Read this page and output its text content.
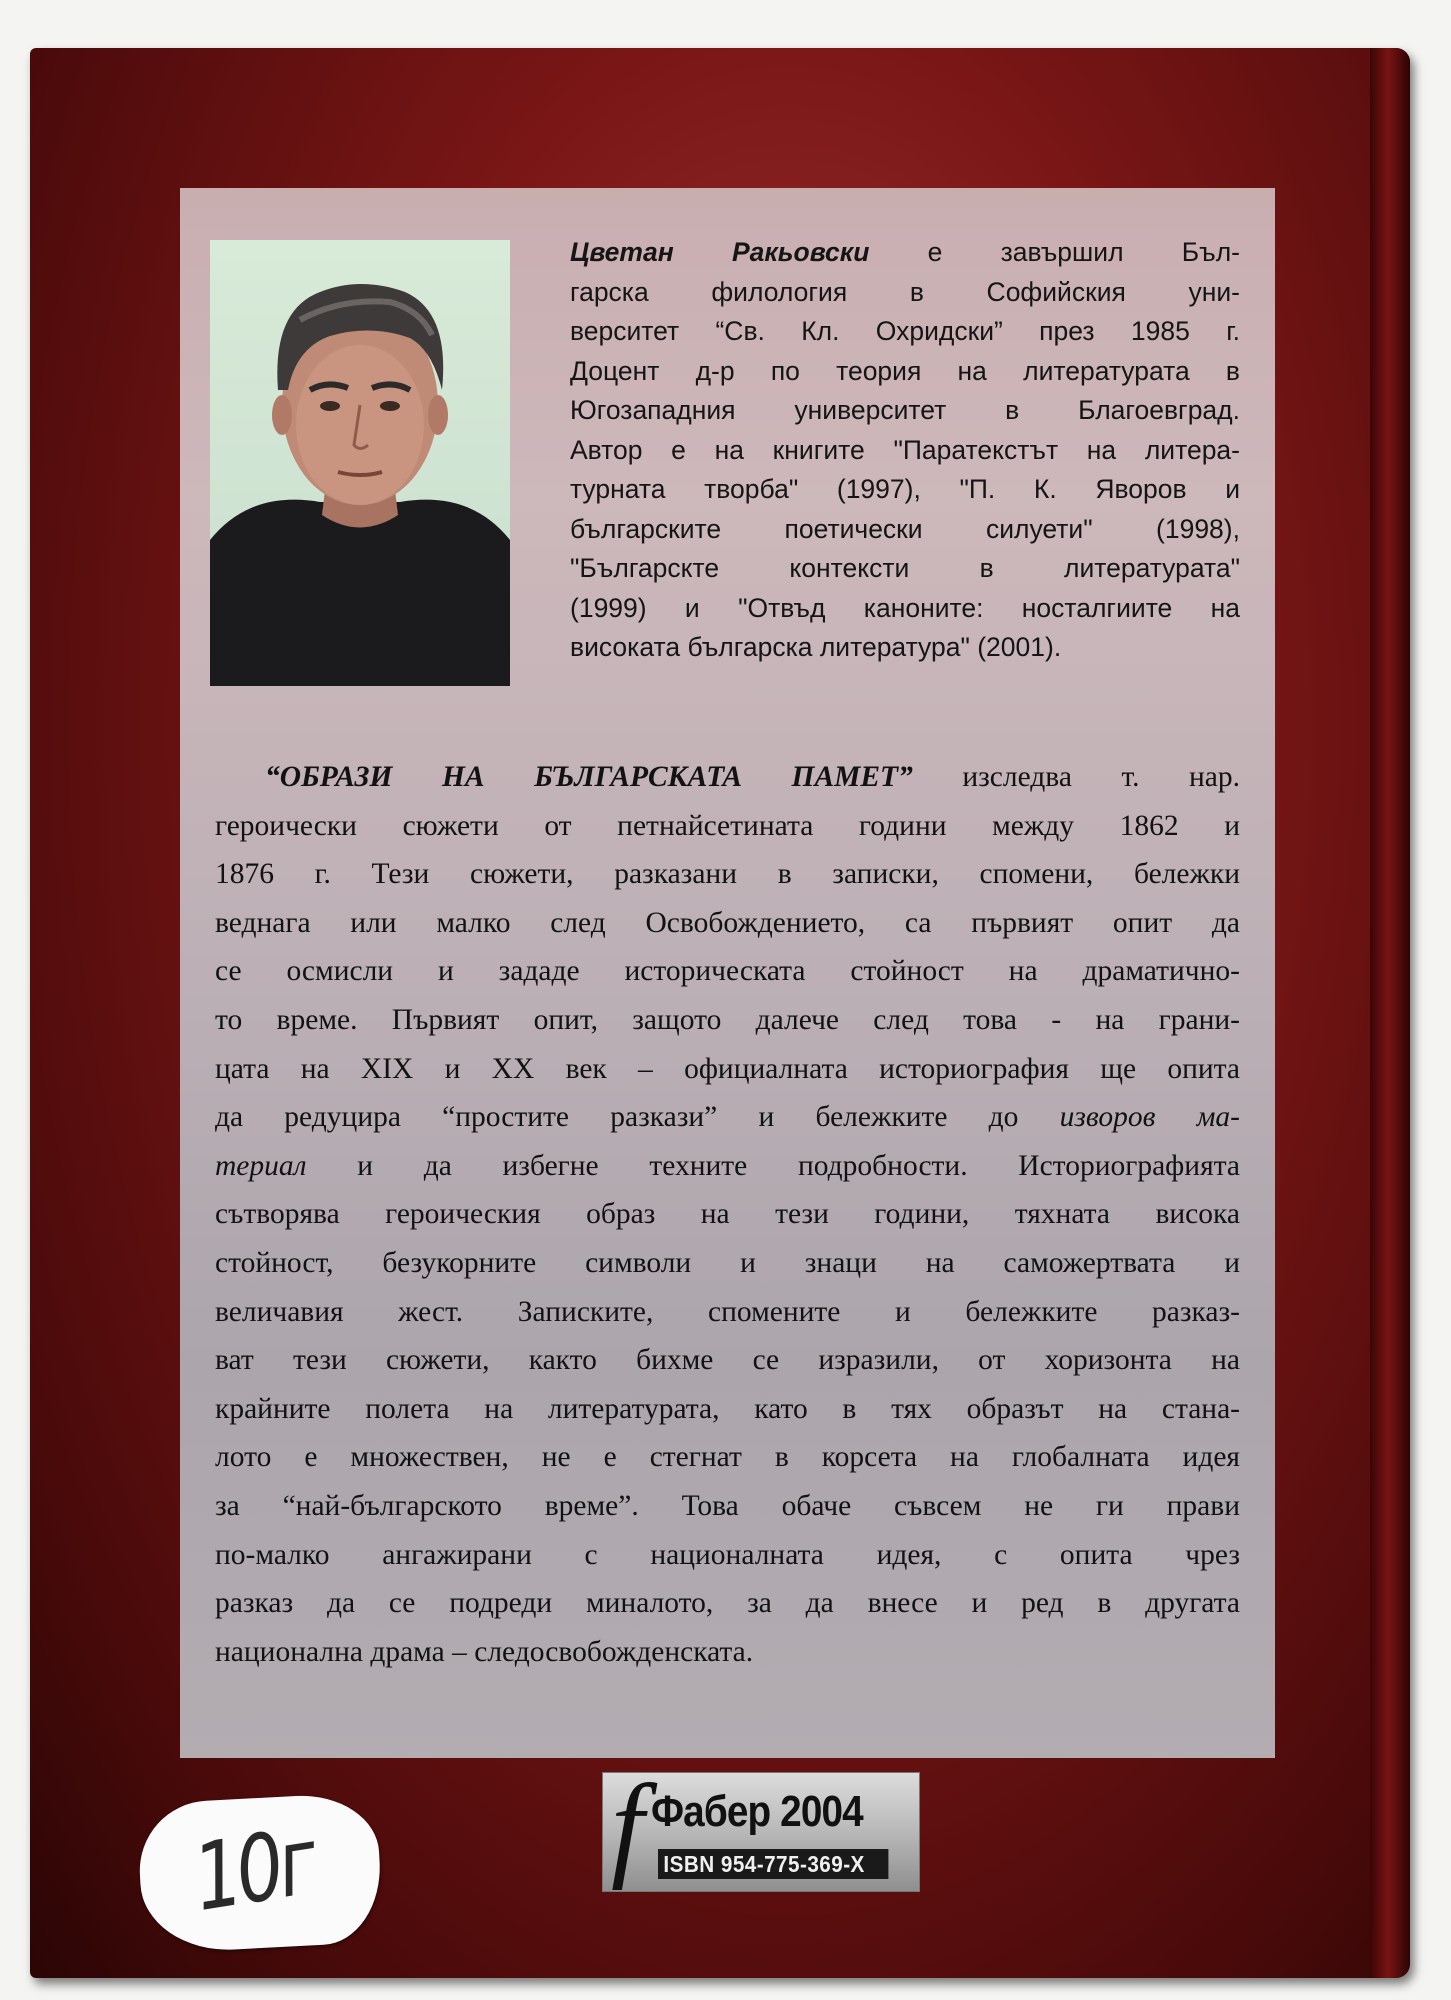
Цветан Ракьовски е завършил Бъл-
гарска филология в Софийския уни-
верситет “Св. Кл. Охридски” през 1985 г.
Доцент д-р по теория на литературата в
Югозападния университет в Благоевград.
Автор е на книгите "Паратекстът на литера-
турната творба" (1997), "П. К. Яворов и
българските поетически силуети" (1998),
"Българскте контексти в литературата"
(1999) и "Отвъд каноните: носталгиите на
високата българска литература" (2001).
“ОБРАЗИ НА БЪЛГАРСКАТА ПАМЕТ” изследва т. нар.
героически сюжети от петнайсетината години между 1862 и
1876 г. Тези сюжети, разказани в записки, спомени, бележки
веднага или малко след Освобождението, са първият опит да
се осмисли и зададе историческата стойност на драматично-
то време. Първият опит, защото далече след това - на грани-
цата на XIX и XX век – официалната историография ще опита
да редуцира “простите разкази” и бележките до изворов ма-
териал и да избегне техните подробности. Историографията
сътворява героическия образ на тези години, тяхната висока
стойност, безукорните символи и знаци на саможертвата и
величавия жест. Записките, спомените и бележките разказ-
ват тези сюжети, както бихме се изразили, от хоризонта на
крайните полета на литературата, като в тях образът на стана-
лото е множествен, не е стегнат в корсета на глобалната идея
за “най-българското време”. Това обаче съвсем не ги прави
по-малко ангажирани с националната идея, с опита чрез
разказ да се подреди миналото, за да внесе и ред в другата
национална драма – следосвобожденската.
f Фабер 2004
ISBN 954-775-369-X
10г
